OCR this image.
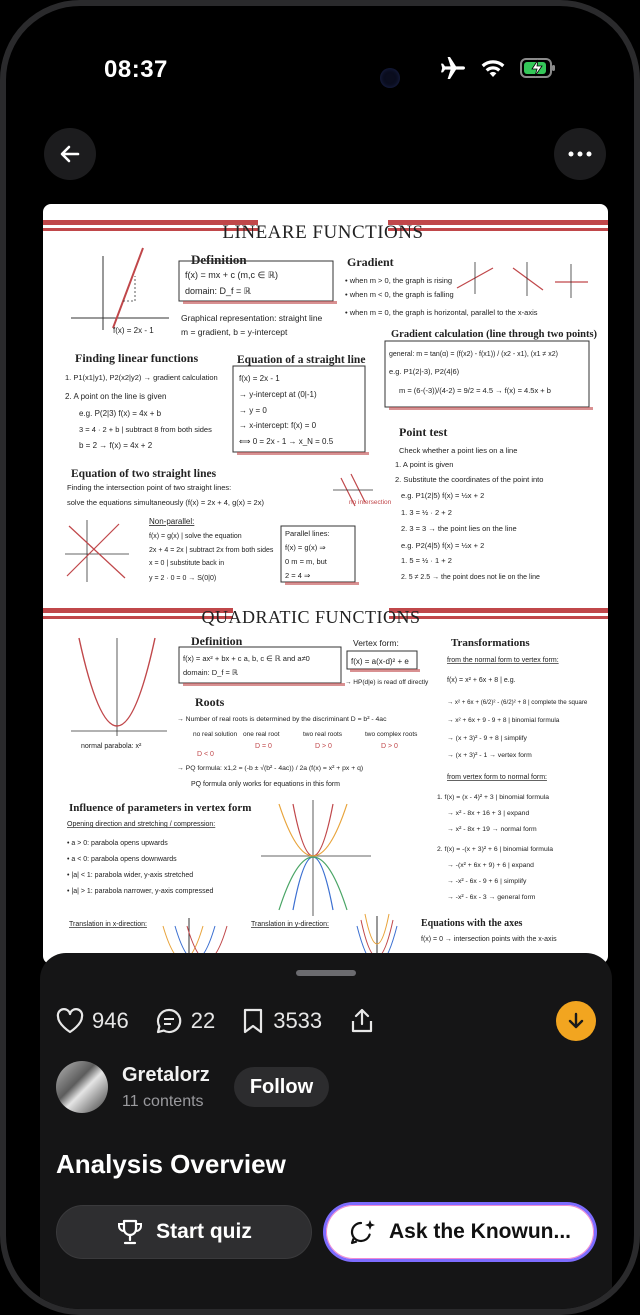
08:37
LINEARE FUNCTIONS
f(x) = 2x - 1
Definition
f(x) = mx + c (m,c ∈ ℝ)
domain: D_f = ℝ
Graphical representation: straight line
m = gradient, b = y-intercept
Gradient
• when m > 0, the graph is rising
• when m < 0, the graph is falling
• when m = 0, the graph is horizontal, parallel to the x-axis
Gradient calculation (line through two points)
general: m = tan(α) = (f(x2) - f(x1)) / (x2 - x1), (x1 ≠ x2)
e.g. P1(2|-3), P2(4|6)
m = (6-(-3))/(4-2) = 9/2 = 4.5 → f(x) = 4.5x + b
Finding linear functions
1. P1(x1|y1), P2(x2|y2) → gradient calculation
2. A point on the line is given
e.g. P(2|3) f(x) = 4x + b
3 = 4 · 2 + b | subtract 8 from both sides
b = 2 → f(x) = 4x + 2
Equation of a straight line
f(x) = 2x - 1
→ y-intercept at (0|-1)
→ y = 0
→ x-intercept: f(x) = 0
⟺ 0 = 2x - 1 → x_N = 0.5
Point test
Check whether a point lies on a line
1. A point is given
2. Substitute the coordinates of the point into
e.g. P1(2|5) f(x) = ½x + 2
1. 3 = ½ · 2 + 2
2. 3 = 3 → the point lies on the line
e.g. P2(4|5) f(x) = ½x + 2
1. 5 = ½ · 1 + 2
2. 5 ≠ 2.5 → the point does not lie on the line
Equation of two straight lines
Finding the intersection point of two straight lines:
solve the equations simultaneously (f(x) = 2x + 4, g(x) = 2x)	no intersection
Non-parallel:
f(x) = g(x) | solve the equation
2x + 4 = 2x | subtract 2x from both sides
x = 0 | substitute back in
y = 2 · 0 = 0 → S(0|0)
Parallel lines:
f(x) = g(x) ⇒
0 m = m, but
2 = 4 ⇒
QUADRATIC FUNCTIONS
normal parabola: x²
Definition
f(x) = ax² + bx + c a, b, c ∈ ℝ and a≠0
domain: D_f = ℝ
Vertex form:
f(x) = a(x-d)² + e
→ HP(d|e) is read off directly
Roots
→ Number of real roots is determined by the discriminant D = b² - 4ac
no real solution
D < 0
one real root
D = 0
two real roots
D > 0
two complex roots
D > 0
→ PQ formula: x1,2 = (-b ± √(b² - 4ac)) / 2a (f(x) = x² + px + q)
PQ formula only works for equations in this form
Transformations
from the normal form to vertex form:
f(x) = x² + 6x + 8 | e.g.
→ x² + 6x + (6/2)² - (6/2)² + 8 | complete the square
→ x² + 6x + 9 - 9 + 8 | binomial formula
→ (x + 3)² - 9 + 8 | simplify
→ (x + 3)² - 1 → vertex form
from vertex form to normal form:
1. f(x) = (x - 4)² + 3 | binomial formula
→ x² - 8x + 16 + 3 | expand
→ x² - 8x + 19 → normal form
2. f(x) = -(x + 3)² + 6 | binomial formula
→ -(x² + 6x + 9) + 6 | expand
→ -x² - 6x - 9 + 6 | simplify
→ -x² - 6x - 3 → general form
Influence of parameters in vertex form
Opening direction and stretching / compression:
• a > 0: parabola opens upwards
• a < 0: parabola opens downwards
• |a| < 1: parabola wider, y-axis stretched
• |a| > 1: parabola narrower, y-axis compressed
Translation in x-direction:	Translation in y-direction:	Equations with the axes
f(x) = 0 → intersection points with the x-axis
946	22	3533
Gretalorz
11 contents
Follow
Analysis Overview
Start quiz	Ask the Knowun...
